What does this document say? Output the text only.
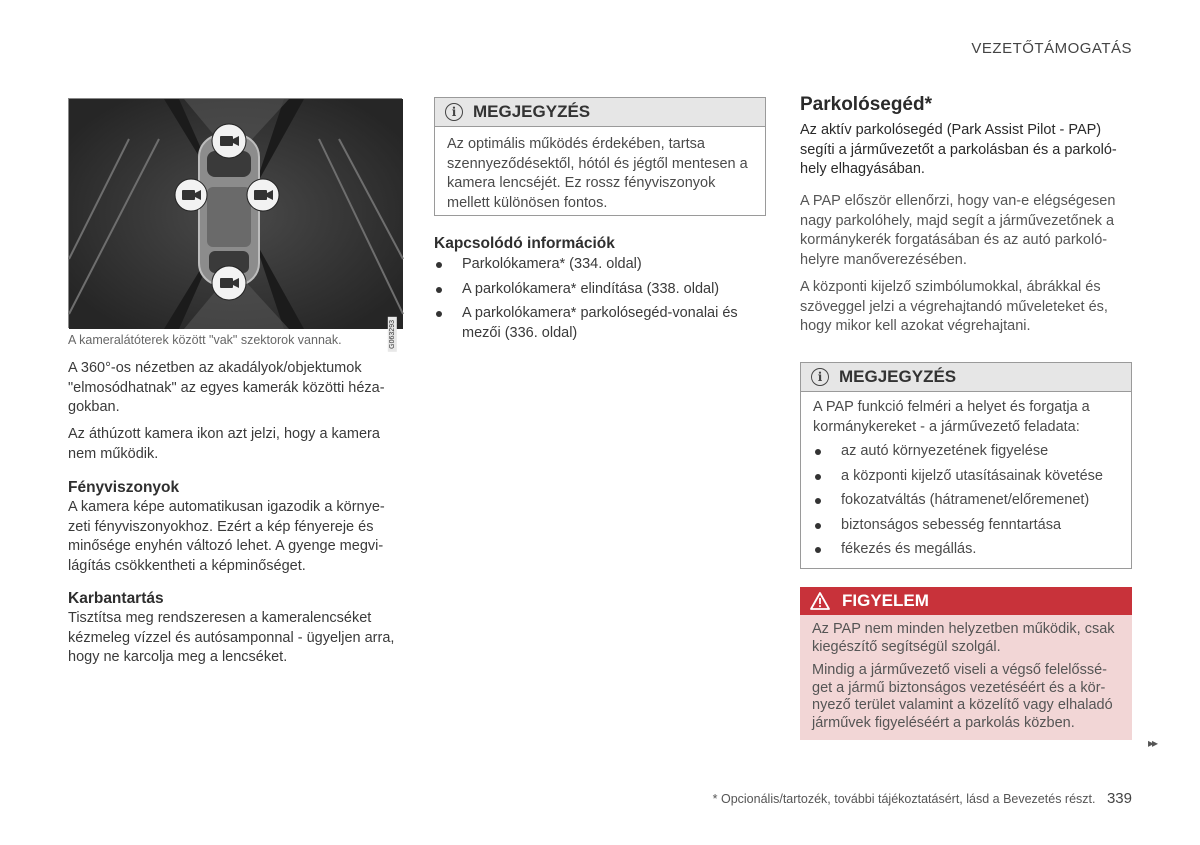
VEZETŐTÁMOGATÁS
G063293
A kameralátóterek között "vak" szektorok vannak.
A 360°-os nézetben az akadályok/objektumok "elmosódhatnak" az egyes kamerák közötti héza-gokban.
Az áthúzott kamera ikon azt jelzi, hogy a kamera nem működik.
Fényviszonyok
A kamera képe automatikusan igazodik a környe-zeti fényviszonyokhoz. Ezért a kép fényereje és minősége enyhén változó lehet. A gyenge megvi-lágítás csökkentheti a képminőséget.
Karbantartás
Tisztítsa meg rendszeresen a kameralencséket kézmeleg vízzel és autósamponnal - ügyeljen arra, hogy ne karcolja meg a lencséket.
i MEGJEGYZÉS
Az optimális működés érdekében, tartsa szennyeződésektől, hótól és jégtől mentesen a kamera lencséjét. Ez rossz fényviszonyok mellett különösen fontos.
Kapcsolódó információk
Parkolókamera* (334. oldal)
A parkolókamera* elindítása (338. oldal)
A parkolókamera* parkolósegéd-vonalai és mezői (336. oldal)
Parkolósegéd*
Az aktív parkolósegéd (Park Assist Pilot - PAP) segíti a járművezetőt a parkolásban és a parkoló-hely elhagyásában.
A PAP először ellenőrzi, hogy van-e elégségesen nagy parkolóhely, majd segít a járművezetőnek a kormánykerék forgatásában és az autó parkoló-helyre manőverezésében.
A központi kijelző szimbólumokkal, ábrákkal és szöveggel jelzi a végrehajtandó műveleteket és, hogy mikor kell azokat végrehajtani.
i MEGJEGYZÉS
A PAP funkció felméri a helyet és forgatja a kormánykereket - a járművezető feladata:
az autó környezetének figyelése
a központi kijelző utasításainak követése
fokozatváltás (hátramenet/előremenet)
biztonságos sebesség fenntartása
fékezés és megállás.
FIGYELEM
Az PAP nem minden helyzetben működik, csak kiegészítő segítségül szolgál.
Mindig a járművezető viseli a végső felelőssé-get a jármű biztonságos vezetéséért és a kör-nyező terület valamint a közelítő vagy elhaladó járművek figyeléséért a parkolás közben.
▸▸
* Opcionális/tartozék, további tájékoztatásért, lásd a Bevezetés részt. 339
